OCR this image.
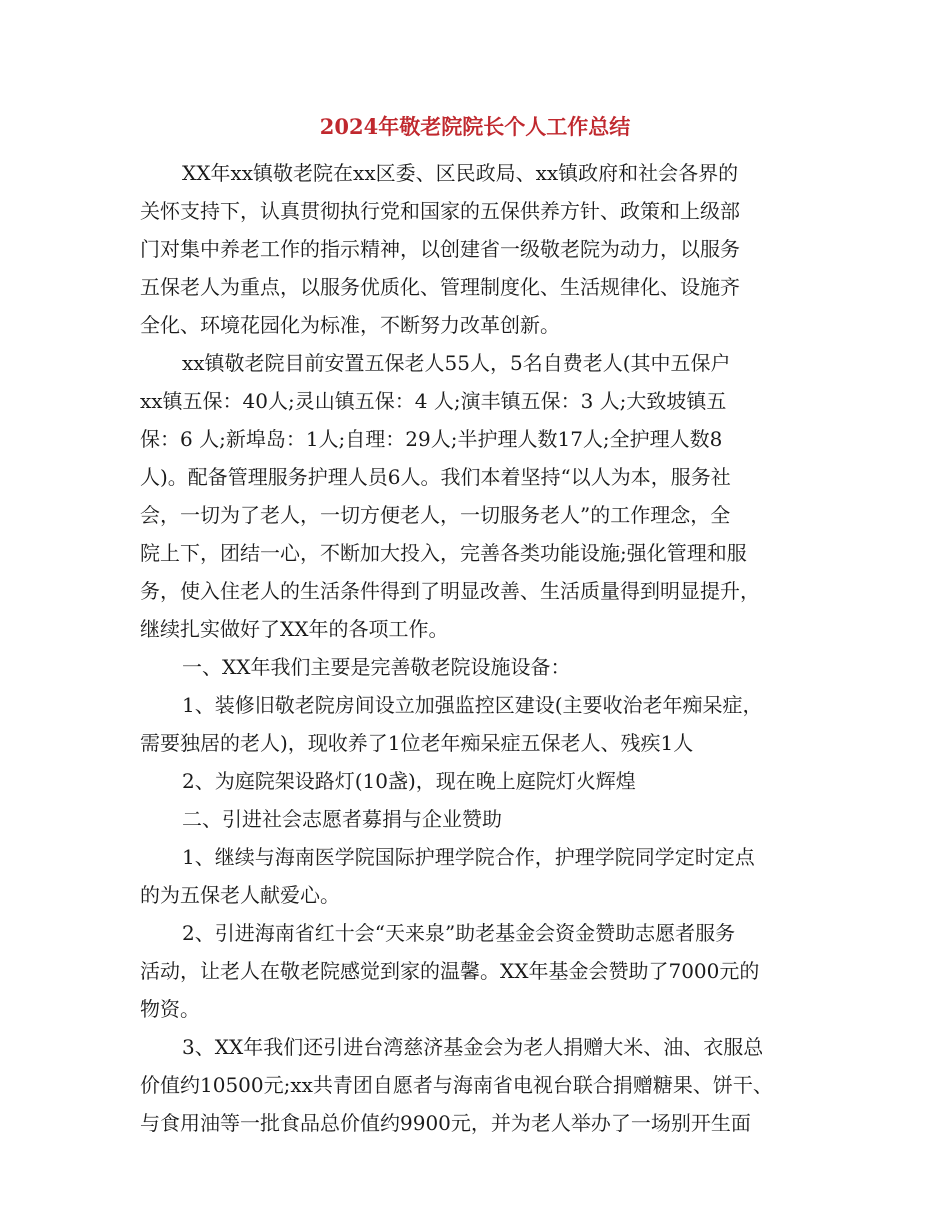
2024年敬老院院长个人工作总结
XX年xx镇敬老院在xx区委、区民政局、xx镇政府和社会各界的
关怀支持下，认真贯彻执行党和国家的五保供养方针、政策和上级部
门对集中养老工作的指示精神，以创建省一级敬老院为动力，以服务
五保老人为重点，以服务优质化、管理制度化、生活规律化、设施齐
全化、环境花园化为标准，不断努力改革创新。
xx镇敬老院目前安置五保老人55人，5名自费老人(其中五保户
xx镇五保：40人;灵山镇五保：4 人;演丰镇五保：3 人;大致坡镇五
保：6 人;新埠岛：1人;自理：29人;半护理人数17人;全护理人数8
人)。配备管理服务护理人员6人。我们本着坚持“以人为本，服务社
会，一切为了老人，一切方便老人，一切服务老人”的工作理念，全
院上下，团结一心，不断加大投入，完善各类功能设施;强化管理和服
务，使入住老人的生活条件得到了明显改善、生活质量得到明显提升，
继续扎实做好了XX年的各项工作。
一、XX年我们主要是完善敬老院设施设备：
1、装修旧敬老院房间设立加强监控区建设(主要收治老年痴呆症，
需要独居的老人)，现收养了1位老年痴呆症五保老人、残疾1人
2、为庭院架设路灯(10盏)，现在晚上庭院灯火辉煌
二、引进社会志愿者募捐与企业赞助
1、继续与海南医学院国际护理学院合作，护理学院同学定时定点
的为五保老人献爱心。
2、引进海南省红十会“天来泉”助老基金会资金赞助志愿者服务
活动，让老人在敬老院感觉到家的温馨。XX年基金会赞助了7000元的
物资。
3、XX年我们还引进台湾慈济基金会为老人捐赠大米、油、衣服总
价值约10500元;xx共青团自愿者与海南省电视台联合捐赠糖果、饼干、
与食用油等一批食品总价值约9900元，并为老人举办了一场别开生面
